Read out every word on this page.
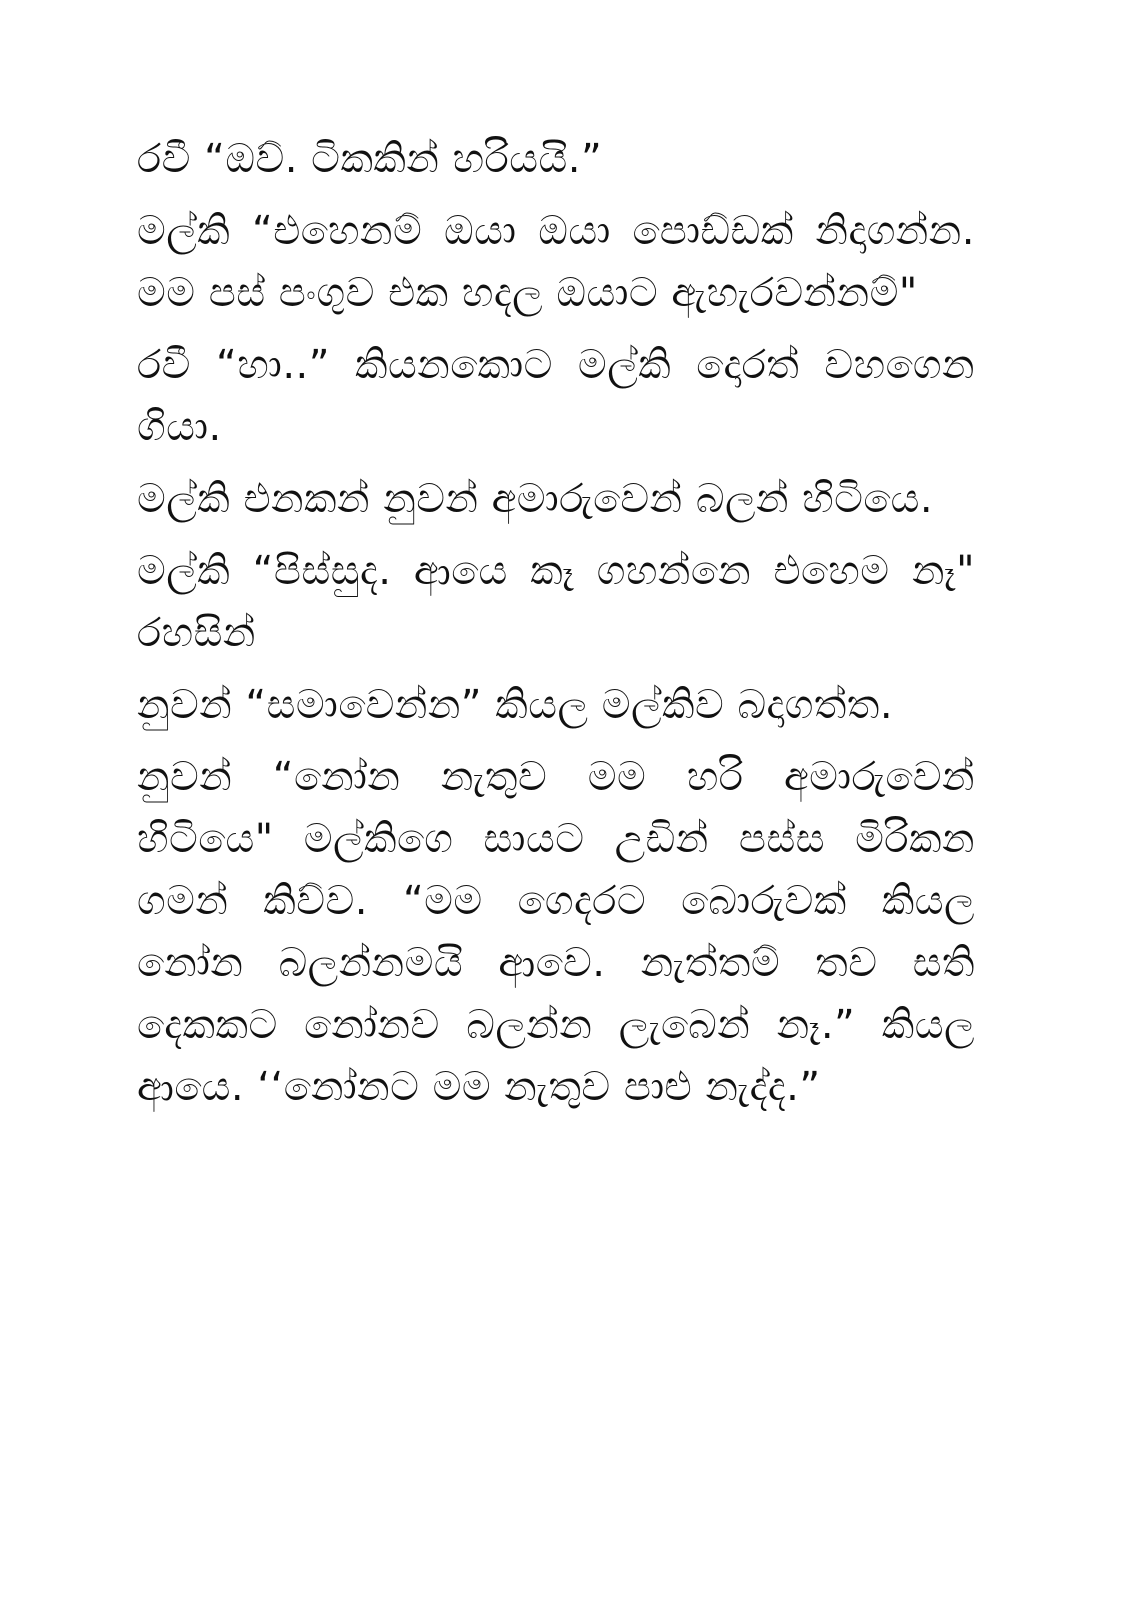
රවී “ඔව්. ටිකකින් හරියයි.”

මල්කි “එහෙනම් ඔයා ඔයා පොඩ්ඩක් නිදාගන්න. මම පස් පංගුව එක හදල ඔයාට ඇහැරවන්නම්"

රවී “හා..” කියනකොට මල්කි දොරත් වහගෙන ගියා.

මල්කි එනකන් නුවන් අමාරුවෙන් බලන් හිටියෙ.

මල්කි “පිස්සුද. ආයෙ කෑ ගහන්නෙ එහෙම නෑ" රහසින්

නුවන් “සමාවෙන්න” කියල මල්කිව බදාගත්ත.

නුවන් “නෝන නැතුව මම හරි අමාරුවෙන් හිටියෙ" මල්කිගෙ සායට උඩින් පස්ස මිරිකන ගමන් කිව්ව. “මම ගෙදරට බොරුවක් කියල නෝන බලන්නමයි ආවෙ. නැත්තම් තව සති දෙකකට නෝනව බලන්න ලැබෙන් නෑ.” කියල ආයෙ. ‘‘නෝනට මම නැතුව පාළු නැද්ද.”
